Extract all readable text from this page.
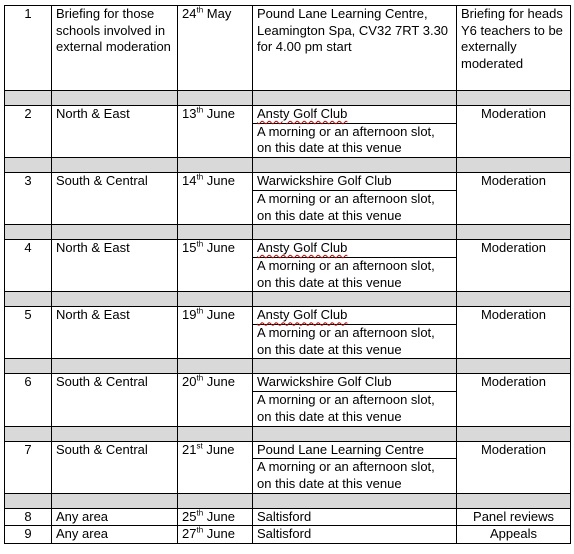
1	Briefing for those schools involved in external moderation	24th May	Pound Lane Learning Centre, Leamington Spa, CV32 7RT 3.30 for 4.00 pm start	Briefing for heads Y6 teachers to be externally moderated

2	North & East	13th June	Ansty Golf Club	Moderation
			A morning or an afternoon slot, on this date at this venue	

3	South & Central	14th June	Warwickshire Golf Club	Moderation
			A morning or an afternoon slot, on this date at this venue	

4	North & East	15th June	Ansty Golf Club	Moderation
			A morning or an afternoon slot, on this date at this venue	

5	North & East	19th June	Ansty Golf Club	Moderation
			A morning or an afternoon slot, on this date at this venue	

6	South & Central	20th June	Warwickshire Golf Club	Moderation
			A morning or an afternoon slot, on this date at this venue	

7	South & Central	21st June	Pound Lane Learning Centre	Moderation
			A morning or an afternoon slot, on this date at this venue	

8	Any area	25th June	Saltisford	Panel reviews
9	Any area	27th June	Saltisford	Appeals
